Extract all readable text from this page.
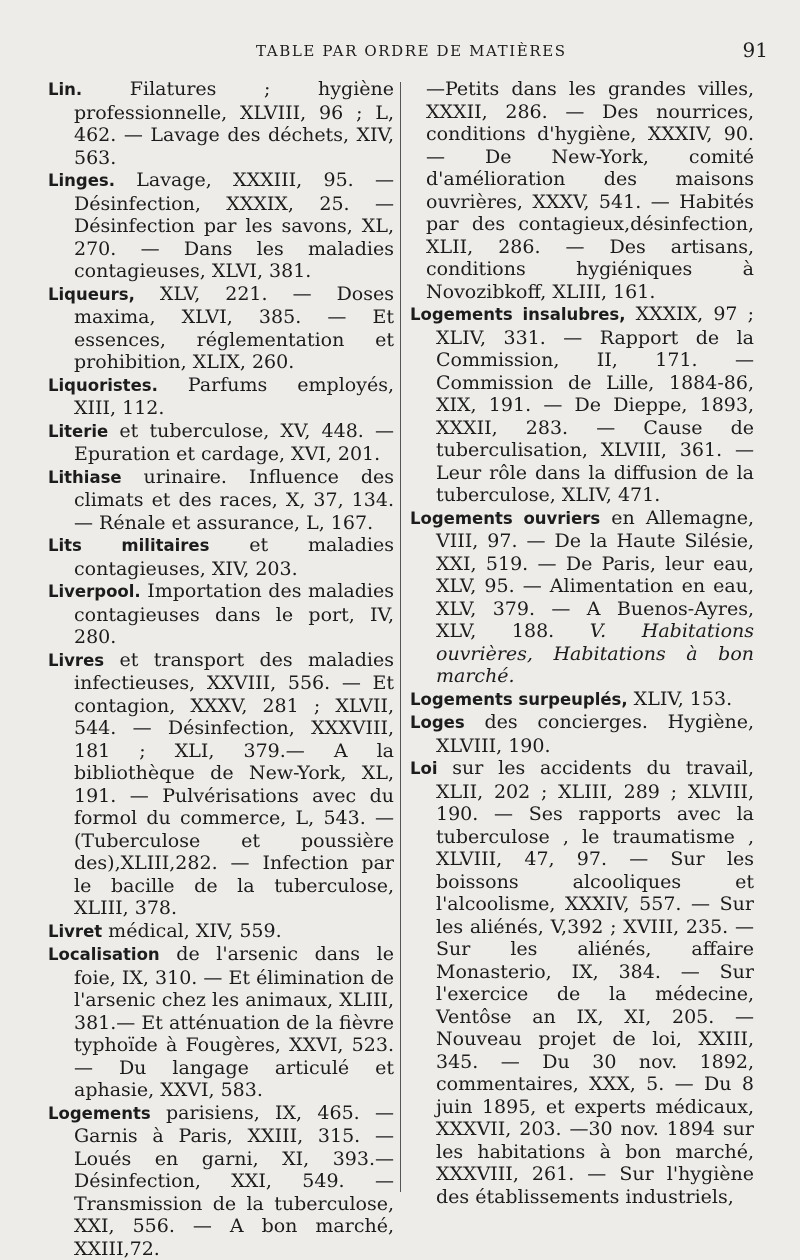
TABLE PAR ORDRE DE MATIÈRES	91

Lin. Filatures ; hygiène professionnelle, XLVIII, 96 ; L, 462. — Lavage des déchets, XIV, 563.

Linges. Lavage, XXXIII, 95. — Désinfection, XXXIX, 25. — Désinfection par les savons, XL, 270. — Dans les maladies contagieuses, XLVI, 381.

Liqueurs, XLV, 221. — Doses maxima, XLVI, 385. — Et essences, réglementation et prohibition, XLIX, 260.

Liquoristes. Parfums employés, XIII, 112.

Literie et tuberculose, XV, 448. — Epuration et cardage, XVI, 201.

Lithiase urinaire. Influence des climats et des races, X, 37, 134. — Rénale et assurance, L, 167.

Lits militaires et maladies contagieuses, XIV, 203.

Liverpool. Importation des maladies contagieuses dans le port, IV, 280.

Livres et transport des maladies infectieuses, XXVIII, 556. — Et contagion, XXXV, 281 ; XLVII, 544. — Désinfection, XXXVIII, 181 ; XLI, 379.— A la bibliothèque de New-York, XL, 191. — Pulvérisations avec du formol du commerce, L, 543. —(Tuberculose et poussière des),XLIII,282. — Infection par le bacille de la tuberculose, XLIII, 378.

Livret médical, XIV, 559.

Localisation de l'arsenic dans le foie, IX, 310. — Et élimination de l'arsenic chez les animaux, XLIII, 381.— Et atténuation de la fièvre typhoïde à Fougères, XXVI, 523. — Du langage articulé et aphasie, XXVI, 583.

Logements parisiens, IX, 465. — Garnis à Paris, XXIII, 315. — Loués en garni, XI, 393.— Désinfection, XXI, 549. — Transmission de la tuberculose, XXI, 556. — A bon marché, XXIII,72.

—Petits dans les grandes villes, XXXII, 286. — Des nourrices, conditions d'hygiène, XXXIV, 90. — De New-York, comité d'amélioration des maisons ouvrières, XXXV, 541. — Habités par des contagieux,désinfection, XLII, 286. — Des artisans, conditions hygiéniques à Novozibkoff, XLIII, 161.

Logements insalubres, XXXIX, 97 ; XLIV, 331. — Rapport de la Commission, II, 171. — Commission de Lille, 1884-86, XIX, 191. — De Dieppe, 1893, XXXII, 283. — Cause de tuberculisation, XLVIII, 361. — Leur rôle dans la diffusion de la tuberculose, XLIV, 471.

Logements ouvriers en Allemagne, VIII, 97. — De la Haute Silésie, XXI, 519. — De Paris, leur eau, XLV, 95. — Alimentation en eau, XLV, 379. — A Buenos-Ayres, XLV, 188. V. Habitations ouvrières, Habitations à bon marché.

Logements surpeuplés, XLIV, 153.

Loges des concierges. Hygiène, XLVIII, 190.

Loi sur les accidents du travail, XLII, 202 ; XLIII, 289 ; XLVIII, 190. — Ses rapports avec la tuberculose , le traumatisme , XLVIII, 47, 97. — Sur les boissons alcooliques et l'alcoolisme, XXXIV, 557. — Sur les aliénés, V,392 ; XVIII, 235. — Sur les aliénés, affaire Monasterio, IX, 384. — Sur l'exercice de la médecine, Ventôse an IX, XI, 205. — Nouveau projet de loi, XXIII, 345. — Du 30 nov. 1892, commentaires, XXX, 5. — Du 8 juin 1895, et experts médicaux, XXXVII, 203. —30 nov. 1894 sur les habitations à bon marché, XXXVIII, 261. — Sur l'hygiène des établissements industriels,
